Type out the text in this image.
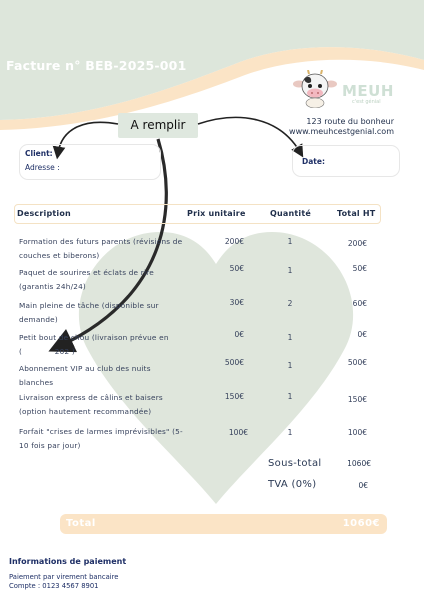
Facture n° BEB-2025-001
MEUH
c'est génial
123 route du bonheur
www.meuhcestgenial.com
A remplir
Client:
Adresse :
Date:
Description	Prix unitaire	Quantité	Total HT
Formation des futurs parents (révisions de
couches et biberons)
200€	1	200€
Paquet de sourires et éclats de rire
(garantis 24h/24)
50€	1	50€
Main pleine de tâche (disponible sur
demande)
30€	2	60€
Petit bout de chou (livraison prévue en
(             202 )
0€	1	0€
Abonnement VIP au club des nuits
blanches
500€	1	500€
Livraison express de câlins et baisers
(option hautement recommandée)
150€	1	150€
Forfait "crises de larmes imprévisibles" (5-
10 fois par jour)
100€	1	100€
Sous-total	1060€
TVA (0%)	0€
Total	1060€
Informations de paiement
Paiement par virement bancaire
Compte : 0123 4567 8901
